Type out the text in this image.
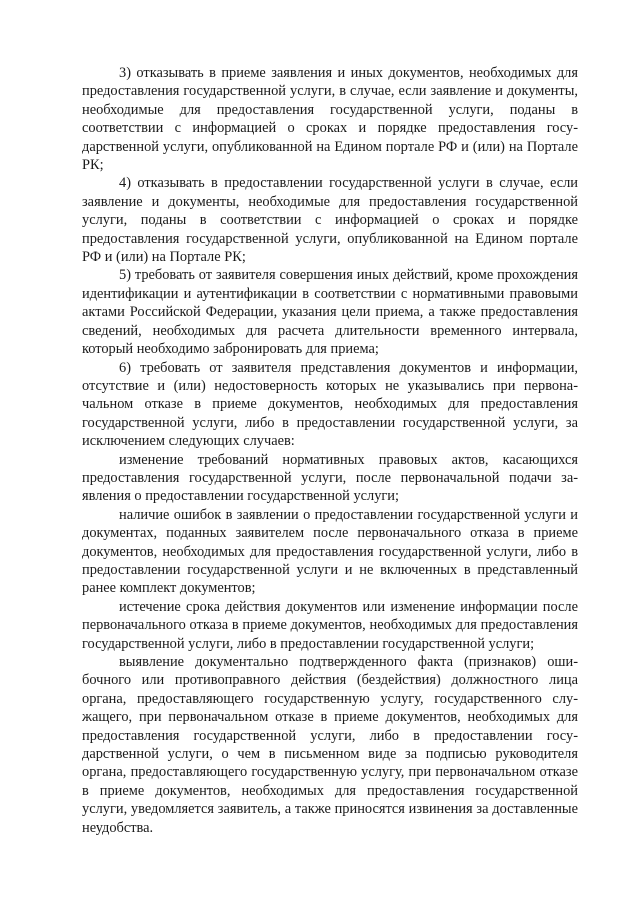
3) отказывать в приеме заявления и иных документов, необходимых для предоставления государственной услуги, в случае, если заявление и документы, необходимые для предоставления государственной услуги, поданы в соответствии с информацией о сроках и порядке предоставления государственной услуги, опубликованной на Едином портале РФ и (или) на Портале РК;

4) отказывать в предоставлении государственной услуги в случае, если заявление и документы, необходимые для предоставления государственной услуги, поданы в соответствии с информацией о сроках и порядке предоставления государственной услуги, опубликованной на Едином портале РФ и (или) на Портале РК;

5) требовать от заявителя совершения иных действий, кроме прохождения идентификации и аутентификации в соответствии с нормативными правовыми актами Российской Федерации, указания цели приема, а также предоставления сведений, необходимых для расчета длительности временного интервала, который необходимо забронировать для приема;

6) требовать от заявителя представления документов и информации, отсутствие и (или) недостоверность которых не указывались при первоначальном отказе в приеме документов, необходимых для предоставления государственной услуги, либо в предоставлении государственной услуги, за исключением следующих случаев:

изменение требований нормативных правовых актов, касающихся предоставления государственной услуги, после первоначальной подачи заявления о предоставлении государственной услуги;

наличие ошибок в заявлении о предоставлении государственной услуги и документах, поданных заявителем после первоначального отказа в приеме документов, необходимых для предоставления государственной услуги, либо в предоставлении государственной услуги и не включенных в представленный ранее комплект документов;

истечение срока действия документов или изменение информации после первоначального отказа в приеме документов, необходимых для предоставления государственной услуги, либо в предоставлении государственной услуги;

выявление документально подтвержденного факта (признаков) ошибочного или противоправного действия (бездействия) должностного лица органа, предоставляющего государственную услугу, государственного служащего, при первоначальном отказе в приеме документов, необходимых для предоставления государственной услуги, либо в предоставлении государственной услуги, о чем в письменном виде за подписью руководителя органа, предоставляющего государственную услугу, при первоначальном отказе в приеме документов, необходимых для предоставления государственной услуги, уведомляется заявитель, а также приносятся извинения за доставленные неудобства.
